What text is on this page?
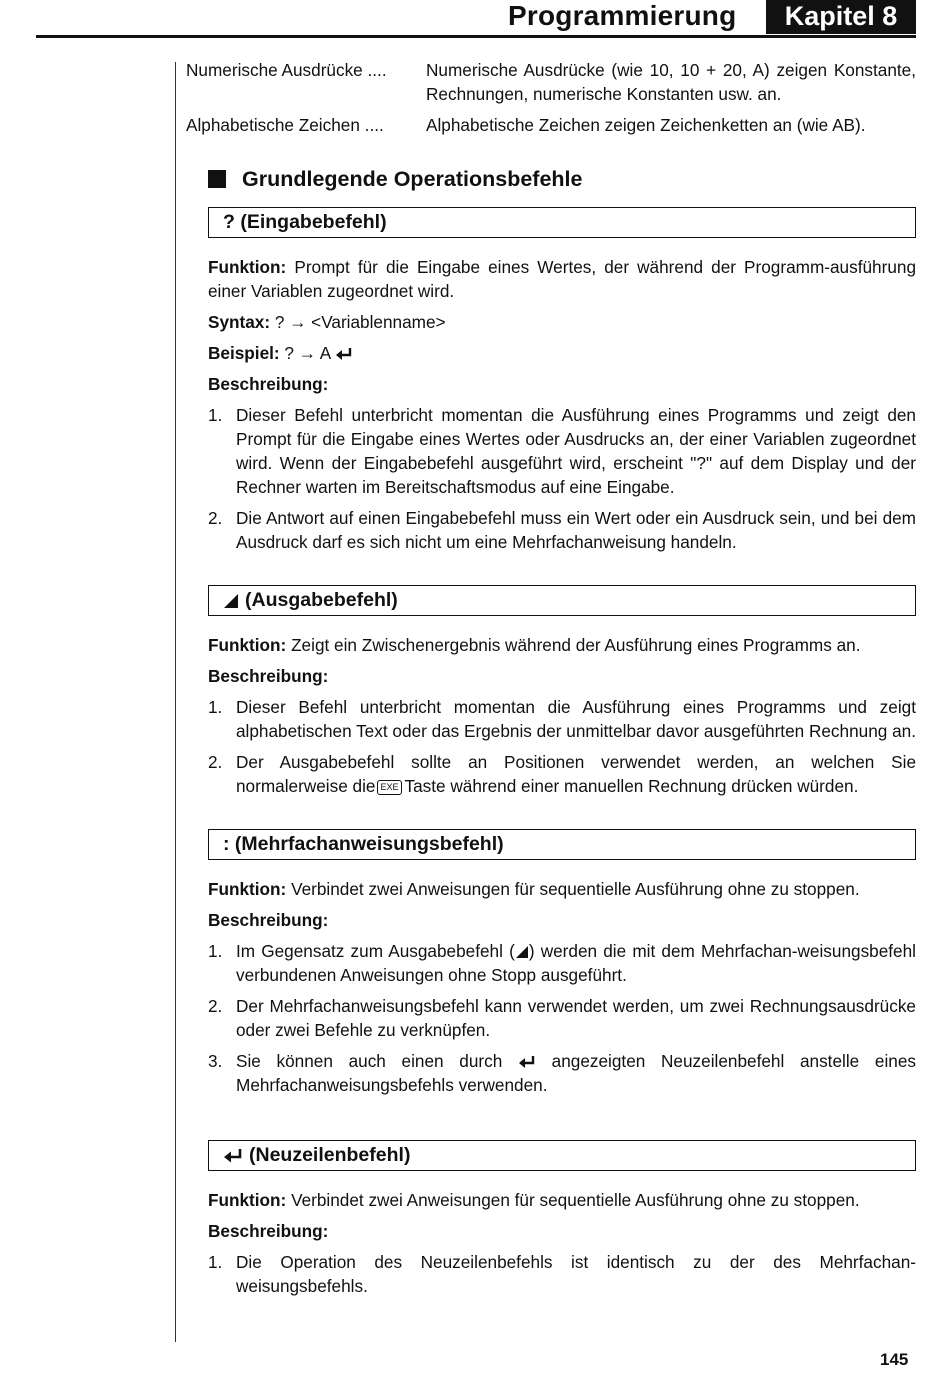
Programmierung	Kapitel 8
Numerische Ausdrücke ....	Numerische Ausdrücke (wie 10, 10 + 20, A) zeigen Konstante, Rechnungen, numerische Konstanten usw. an.
Alphabetische Zeichen ....	Alphabetische Zeichen zeigen Zeichenketten an (wie AB).
Grundlegende Operationsbefehle
? (Eingabebefehl)

Funktion: Prompt für die Eingabe eines Wertes, der während der Programm-ausführung einer Variablen zugeordnet wird.

Syntax: ? → <Variablenname>

Beispiel: ? → A

Beschreibung:
1. Dieser Befehl unterbricht momentan die Ausführung eines Programms und zeigt den Prompt für die Eingabe eines Wertes oder Ausdrucks an, der einer Variablen zugeordnet wird. Wenn der Eingabebefehl ausgeführt wird, erscheint "?" auf dem Display und der Rechner warten im Bereitschaftsmodus auf eine Eingabe.
2. Die Antwort auf einen Eingabebefehl muss ein Wert oder ein Ausdruck sein, und bei dem Ausdruck darf es sich nicht um eine Mehrfachanweisung handeln.
(Ausgabebefehl)

Funktion: Zeigt ein Zwischenergebnis während der Ausführung eines Programms an.

Beschreibung:
1. Dieser Befehl unterbricht momentan die Ausführung eines Programms und zeigt alphabetischen Text oder das Ergebnis der unmittelbar davor ausgeführten Rechnung an.
2. Der Ausgabebefehl sollte an Positionen verwendet werden, an welchen Sie normalerweise die EXE Taste während einer manuellen Rechnung drücken würden.
: (Mehrfachanweisungsbefehl)

Funktion: Verbindet zwei Anweisungen für sequentielle Ausführung ohne zu stoppen.

Beschreibung:
1. Im Gegensatz zum Ausgabebefehl ( ) werden die mit dem Mehrfachan-weisungsbefehl verbundenen Anweisungen ohne Stopp ausgeführt.
2. Der Mehrfachanweisungsbefehl kann verwendet werden, um zwei Rechnungsausdrücke oder zwei Befehle zu verknüpfen.
3. Sie können auch einen durch	angezeigten Neuzeilenbefehl anstelle eines Mehrfachanweisungsbefehls verwenden.
(Neuzeilenbefehl)

Funktion: Verbindet zwei Anweisungen für sequentielle Ausführung ohne zu stoppen.

Beschreibung:
1. Die Operation des Neuzeilenbefehls ist identisch zu der des Mehrfachan-weisungsbefehls.
145
